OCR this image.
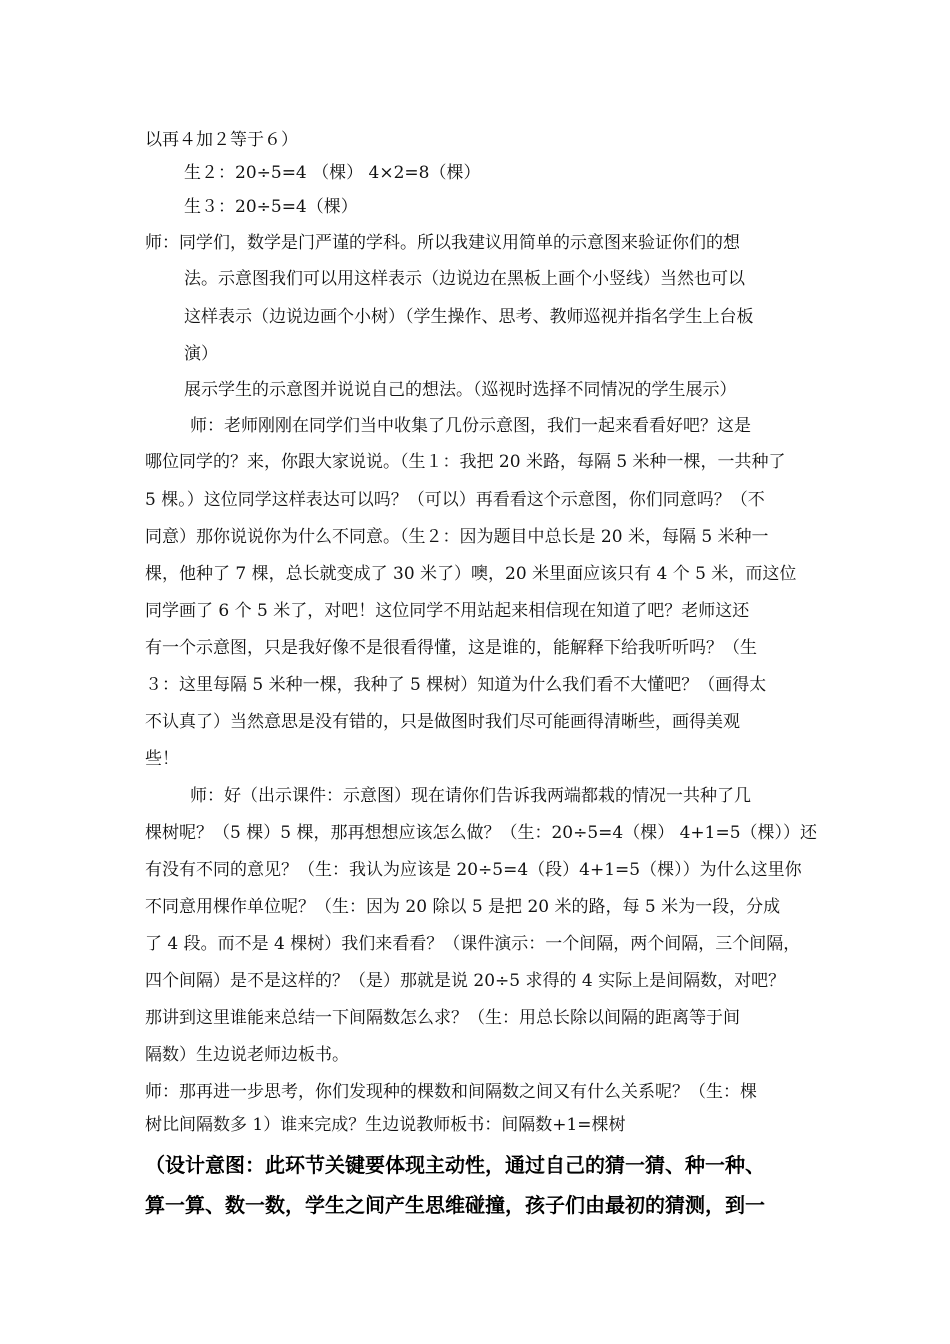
以再４加２等于６）
生２：20÷5=4 （棵） 4×2=8（棵）
生３：20÷5=4（棵）
师：同学们，数学是门严谨的学科。所以我建议用简单的示意图来验证你们的想
法。示意图我们可以用这样表示（边说边在黑板上画个小竖线）当然也可以
这样表示（边说边画个小树）（学生操作、思考、教师巡视并指名学生上台板
演）
展示学生的示意图并说说自己的想法。（巡视时选择不同情况的学生展示）
师：老师刚刚在同学们当中收集了几份示意图，我们一起来看看好吧？这是
哪位同学的？来，你跟大家说说。（生１：我把 20 米路，每隔 5 米种一棵，一共种了
5 棵。）这位同学这样表达可以吗？（可以）再看看这个示意图，你们同意吗？（不
同意）那你说说你为什么不同意。（生２：因为题目中总长是 20 米，每隔 5 米种一
棵，他种了 7 棵，总长就变成了 30 米了）噢，20 米里面应该只有 4 个 5 米，而这位
同学画了 6 个 5 米了，对吧！这位同学不用站起来相信现在知道了吧？老师这还
有一个示意图，只是我好像不是很看得懂，这是谁的，能解释下给我听听吗？（生
３：这里每隔 5 米种一棵，我种了 5 棵树）知道为什么我们看不大懂吧？（画得太
不认真了）当然意思是没有错的，只是做图时我们尽可能画得清晰些，画得美观
些！
师：好（出示课件：示意图）现在请你们告诉我两端都栽的情况一共种了几
棵树呢？（5 棵）5 棵，那再想想应该怎么做？（生：20÷5=4（棵） 4+1=5（棵））还
有没有不同的意见？（生：我认为应该是 20÷5=4（段）4+1=5（棵））为什么这里你
不同意用棵作单位呢？（生：因为 20 除以 5 是把 20 米的路，每 5 米为一段，分成
了 4 段。而不是 4 棵树）我们来看看？（课件演示：一个间隔，两个间隔，三个间隔，
四个间隔）是不是这样的？（是）那就是说 20÷5 求得的 4 实际上是间隔数，对吧？
那讲到这里谁能来总结一下间隔数怎么求？（生：用总长除以间隔的距离等于间
隔数）生边说老师边板书。
师：那再进一步思考，你们发现种的棵数和间隔数之间又有什么关系呢？（生：棵
树比间隔数多 1）谁来完成？生边说教师板书：间隔数+1=棵树
（设计意图：此环节关键要体现主动性，通过自己的猜一猜、种一种、
算一算、数一数，学生之间产生思维碰撞，孩子们由最初的猜测，到一
